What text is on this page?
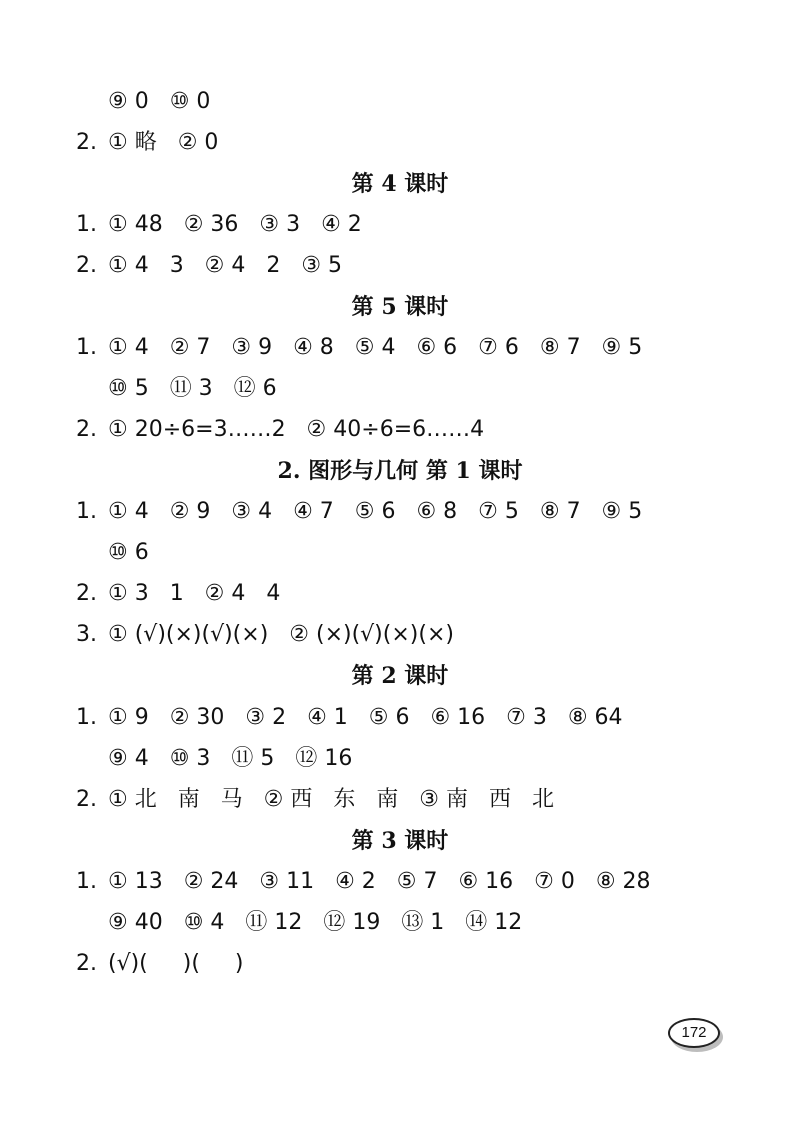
⑨ 0   ⑩ 0
2. ① 略   ② 0
第 4 课时
1. ① 48   ② 36   ③ 3   ④ 2
2. ① 4   3   ② 4   2   ③ 5
第 5 课时
1. ① 4   ② 7   ③ 9   ④ 8   ⑤ 4   ⑥ 6   ⑦ 6   ⑧ 7   ⑨ 5
⑩ 5   ⑪ 3   ⑫ 6
2. ① 20÷6=3……2   ② 40÷6=6……4
2. 图形与几何 第 1 课时
1. ① 4   ② 9   ③ 4   ④ 7   ⑤ 6   ⑥ 8   ⑦ 5   ⑧ 7   ⑨ 5
⑩ 6
2. ① 3   1   ② 4   4
3. ① (√)(×)(√)(×)   ② (×)(√)(×)(×)
第 2 课时
1. ① 9   ② 30   ③ 2   ④ 1   ⑤ 6   ⑥ 16   ⑦ 3   ⑧ 64
⑨ 4   ⑩ 3   ⑪ 5   ⑫ 16
2. ① 北   南   马   ② 西   东   南   ③ 南   西   北
第 3 课时
1. ① 13   ② 24   ③ 11   ④ 2   ⑤ 7   ⑥ 16   ⑦ 0   ⑧ 28
⑨ 40   ⑩ 4   ⑪ 12   ⑫ 19   ⑬ 1   ⑭ 12
2. (√)(     )(     )
172
